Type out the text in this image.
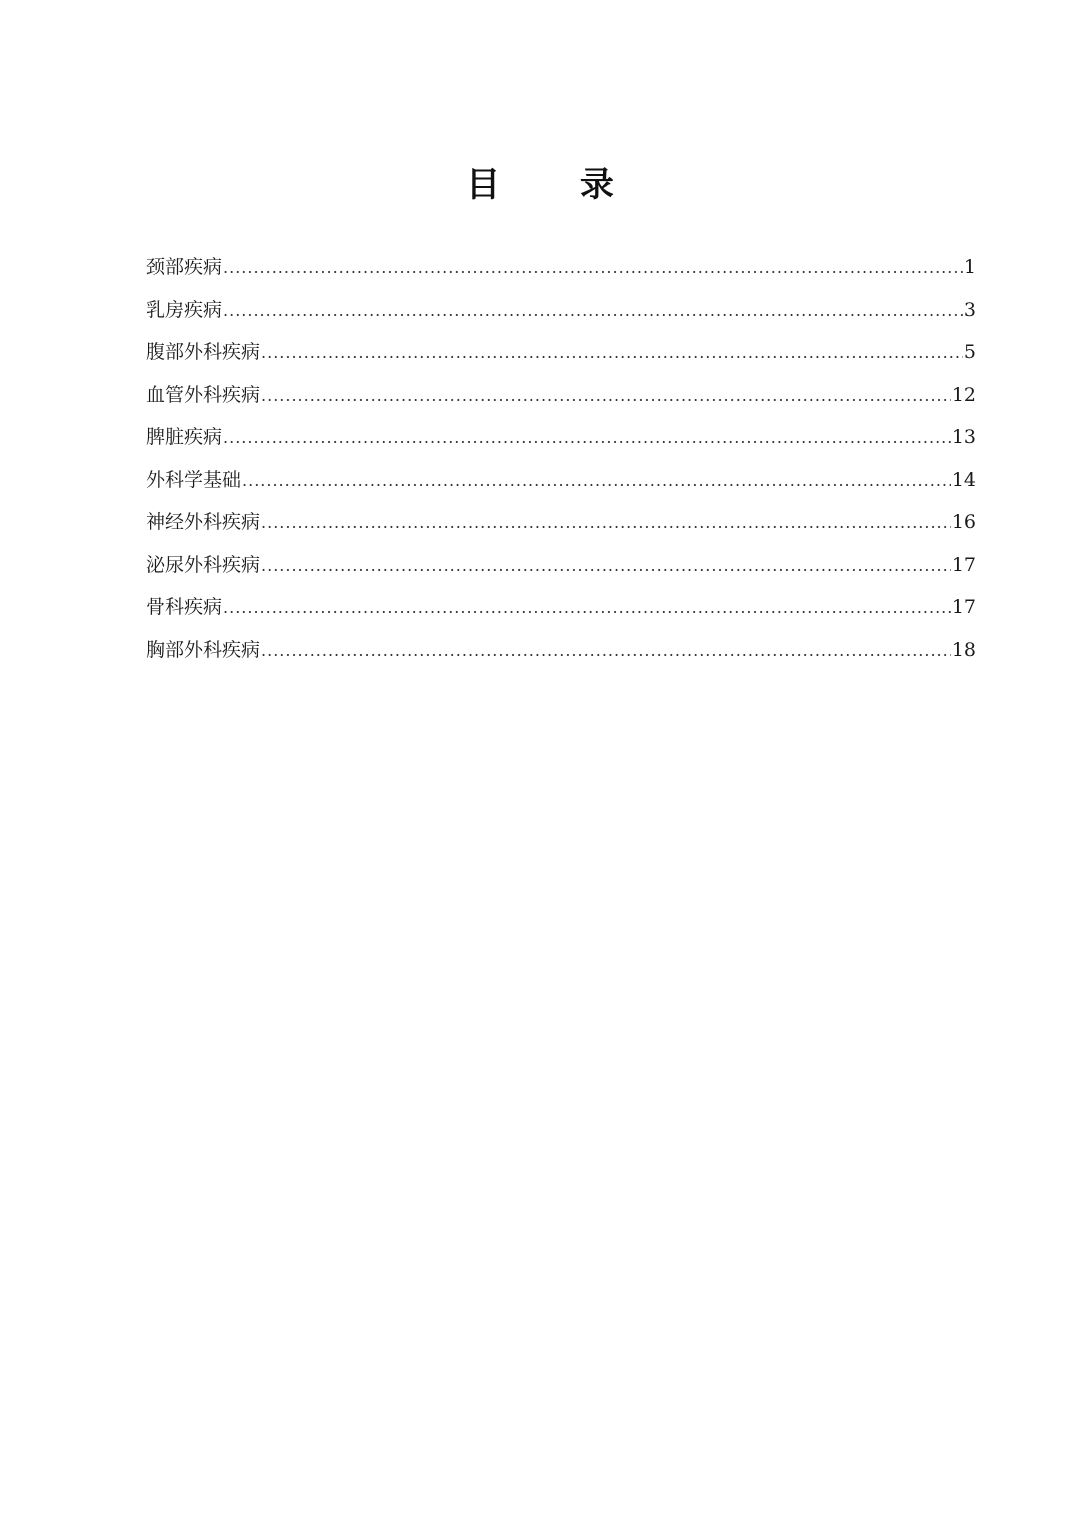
目 录
颈部疾病 .....	1
乳房疾病 .....	3
腹部外科疾病 .....	5
血管外科疾病 .....	12
脾脏疾病 .....	13
外科学基础 .....	14
神经外科疾病 .....	16
泌尿外科疾病 .....	17
骨科疾病 .....	17
胸部外科疾病 .....	18
